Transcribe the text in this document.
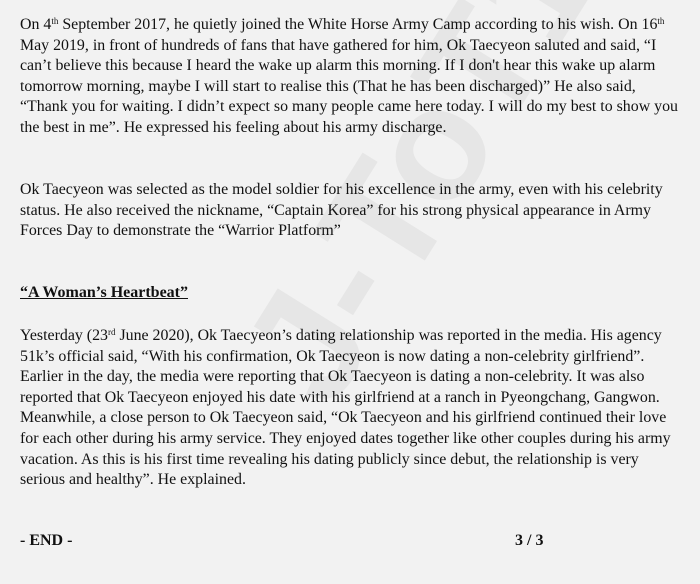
On 4th September 2017, he quietly joined the White Horse Army Camp according to his wish. On 16th May 2019, in front of hundreds of fans that have gathered for him, Ok Taecyeon saluted and said, “I can’t believe this because I heard the wake up alarm this morning. If I don't hear this wake up alarm tomorrow morning, maybe I will start to realise this (That he has been discharged)” He also said, “Thank you for waiting. I didn’t expect so many people came here today. I will do my best to show you the best in me”. He expressed his feeling about his army discharge.

Ok Taecyeon was selected as the model soldier for his excellence in the army, even with his celebrity status. He also received the nickname, “Captain Korea” for his strong physical appearance in Army Forces Day to demonstrate the “Warrior Platform”

“A Woman’s Heartbeat”

Yesterday (23rd June 2020), Ok Taecyeon’s dating relationship was reported in the media. His agency 51k’s official said, “With his confirmation, Ok Taecyeon is now dating a non-celebrity girlfriend”. Earlier in the day, the media were reporting that Ok Taecyeon is dating a non-celebrity. It was also reported that Ok Taecyeon enjoyed his date with his girlfriend at a ranch in Pyeongchang, Gangwon. Meanwhile, a close person to Ok Taecyeon said, “Ok Taecyeon and his girlfriend continued their love for each other during his army service. They enjoyed dates together like other couples during his army vacation. As this is his first time revealing his dating publicly since debut, the relationship is very serious and healthy”. He explained.

- END -	3 / 3
